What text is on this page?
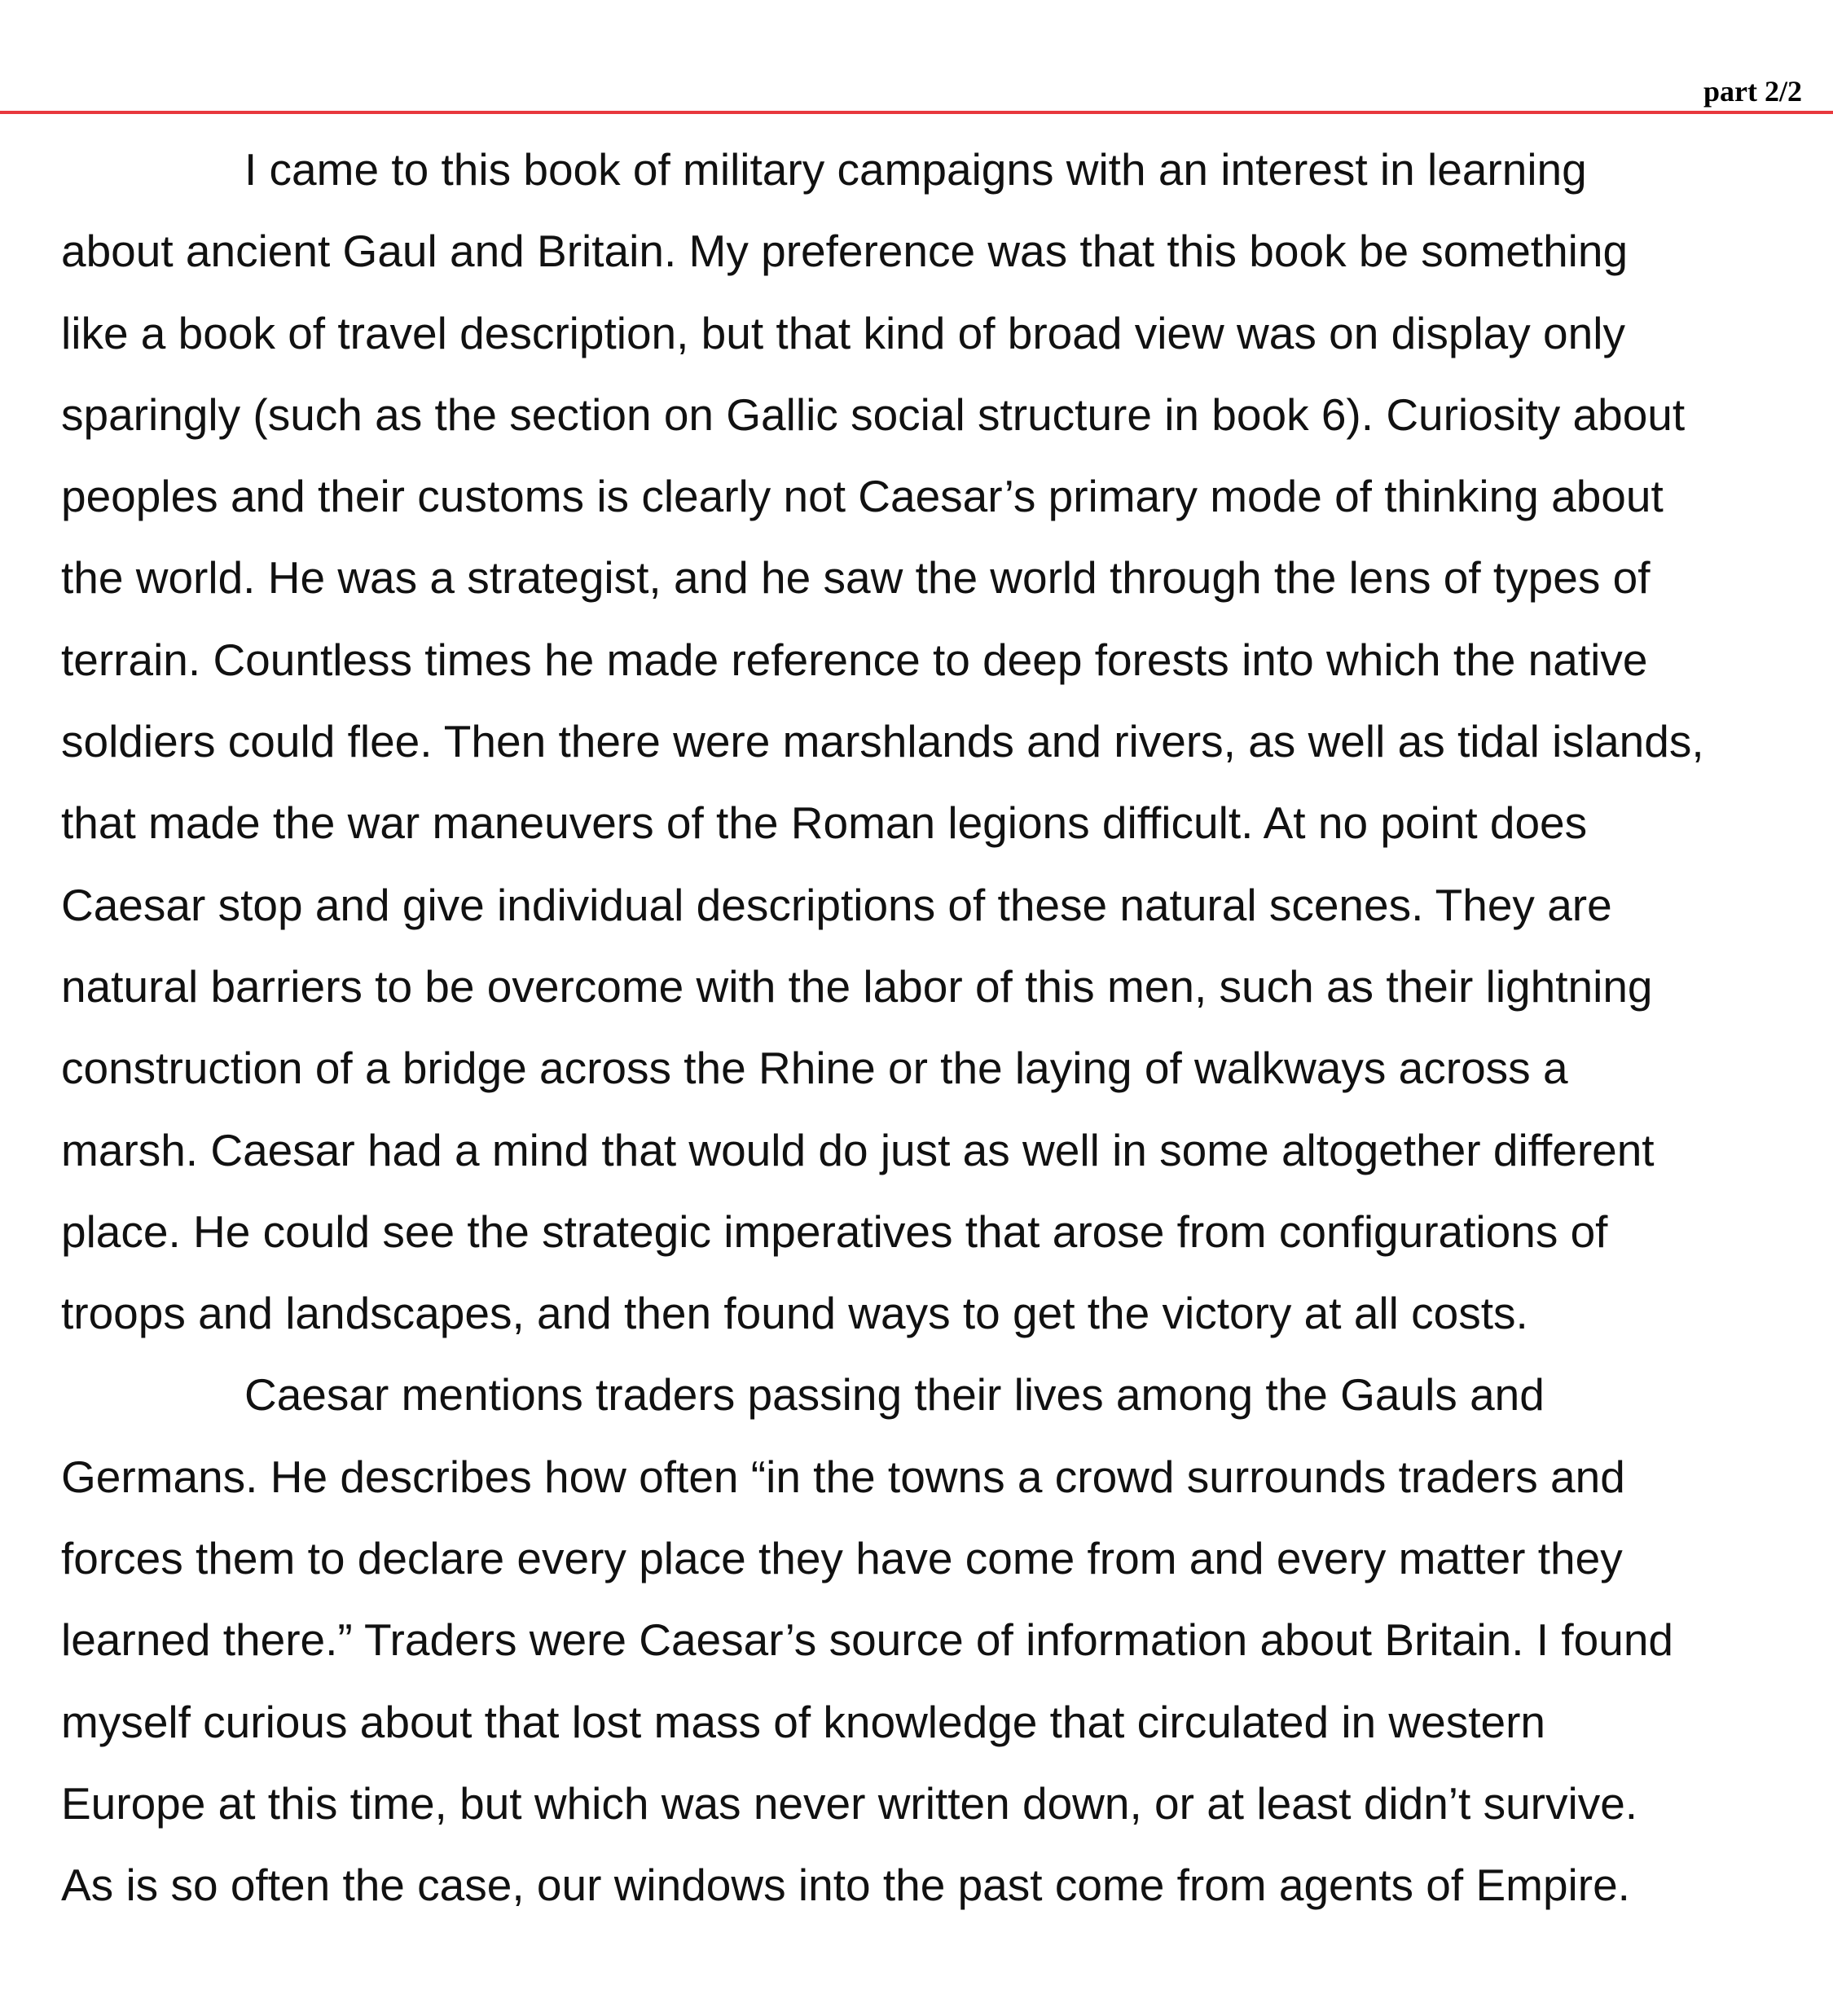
part 2/2
I came to this book of military campaigns with an interest in learning
about ancient Gaul and Britain. My preference was that this book be something
like a book of travel description, but that kind of broad view was on display only
sparingly (such as the section on Gallic social structure in book 6). Curiosity about
peoples and their customs is clearly not Caesar’s primary mode of thinking about
the world. He was a strategist, and he saw the world through the lens of types of
terrain. Countless times he made reference to deep forests into which the native
soldiers could flee. Then there were marshlands and rivers, as well as tidal islands,
that made the war maneuvers of the Roman legions difficult. At no point does
Caesar stop and give individual descriptions of these natural scenes. They are
natural barriers to be overcome with the labor of this men, such as their lightning
construction of a bridge across the Rhine or the laying of walkways across a
marsh. Caesar had a mind that would do just as well in some altogether different
place. He could see the strategic imperatives that arose from configurations of
troops and landscapes, and then found ways to get the victory at all costs.
Caesar mentions traders passing their lives among the Gauls and
Germans. He describes how often “in the towns a crowd surrounds traders and
forces them to declare every place they have come from and every matter they
learned there.” Traders were Caesar’s source of information about Britain. I found
myself curious about that lost mass of knowledge that circulated in western
Europe at this time, but which was never written down, or at least didn’t survive.
As is so often the case, our windows into the past come from agents of Empire.
